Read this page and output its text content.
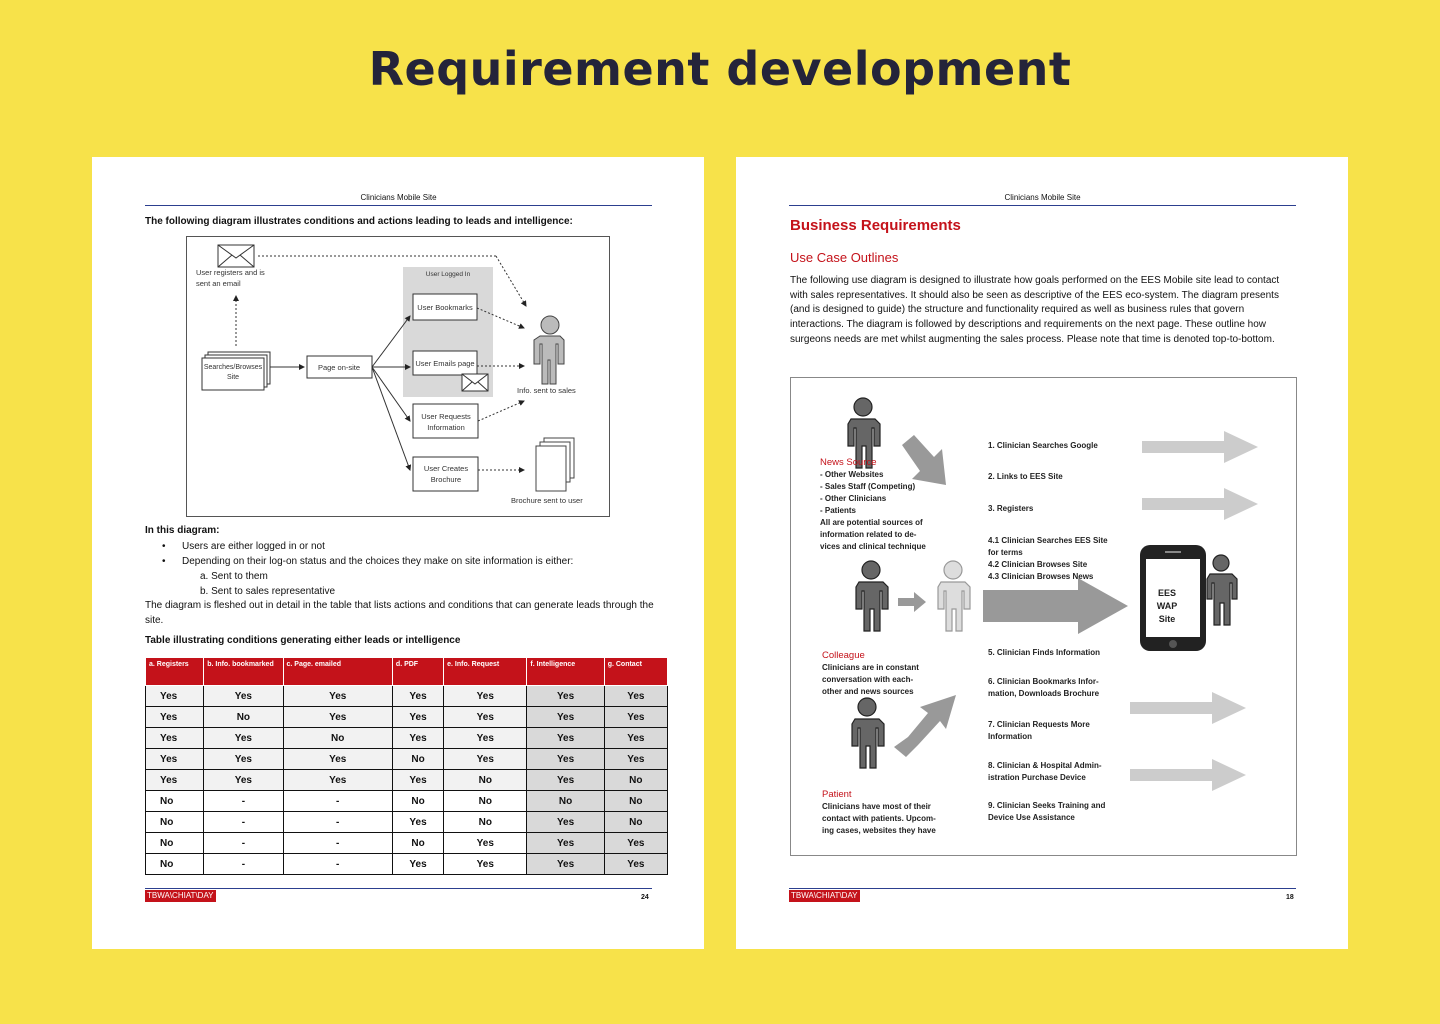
Requirement development
Clinicians Mobile Site
The following diagram illustrates conditions and actions leading to leads and intelligence:
User Logged In
User registers and is
sent an email
Searches/Browses
Site
Page on-site
User Bookmarks
User Emails page
User Requests
Information
User Creates
Brochure
Info. sent to sales
Brochure sent to user
In this diagram:
• Users are either logged in or not
• Depending on their log-on status and the choices they make on site information is either:
a. Sent to them
b. Sent to sales representative
The diagram is fleshed out in detail in the table that lists actions and conditions that can generate leads through the site.
Table illustrating conditions generating either leads or intelligence
a. Registers	b. Info. bookmarked	c. Page. emailed	d. PDF	e. Info. Request	f. Intelligence	g. Contact
Yes	Yes	Yes	Yes	Yes	Yes	Yes
Yes	No	Yes	Yes	Yes	Yes	Yes
Yes	Yes	No	Yes	Yes	Yes	Yes
Yes	Yes	Yes	No	Yes	Yes	Yes
Yes	Yes	Yes	Yes	No	Yes	No
No	-	-	No	No	No	No
No	-	-	Yes	No	Yes	No
No	-	-	No	Yes	Yes	Yes
No	-	-	Yes	Yes	Yes	Yes
TBWA\CHIAT\DAY	24
Clinicians Mobile Site
Business Requirements
Use Case Outlines
The following use diagram is designed to illustrate how goals performed on the EES Mobile site lead to contact with sales representatives. It should also be seen as descriptive of the EES eco-system. The diagram presents (and is designed to guide) the structure and functionality required as well as business rules that govern interactions. The diagram is followed by descriptions and requirements on the next page. These outline how surgeons needs are met whilst augmenting the sales process. Please note that time is denoted top-to-bottom.
EES
WAP
Site
News Source
- Other Websites
- Sales Staff (Competing)
- Other Clinicians
- Patients
All are potential sources of
information related to de-
vices and clinical technique
Colleague
Clinicians are in constant
conversation with each-
other and news sources
Patient
Clinicians have most of their
contact with patients. Upcom-
ing cases, websites they have
1. Clinician Searches Google
2. Links to EES Site
3. Registers
4.1 Clinician Searches EES Site
for terms
4.2 Clinician Browses Site
4.3 Clinician Browses News
5. Clinician Finds Information
6. Clinician Bookmarks Infor-
mation, Downloads Brochure
7. Clinician Requests More
Information
8. Clinician & Hospital Admin-
istration Purchase Device
9. Clinician Seeks Training and
Device Use Assistance
TBWA\CHIAT\DAY	18
